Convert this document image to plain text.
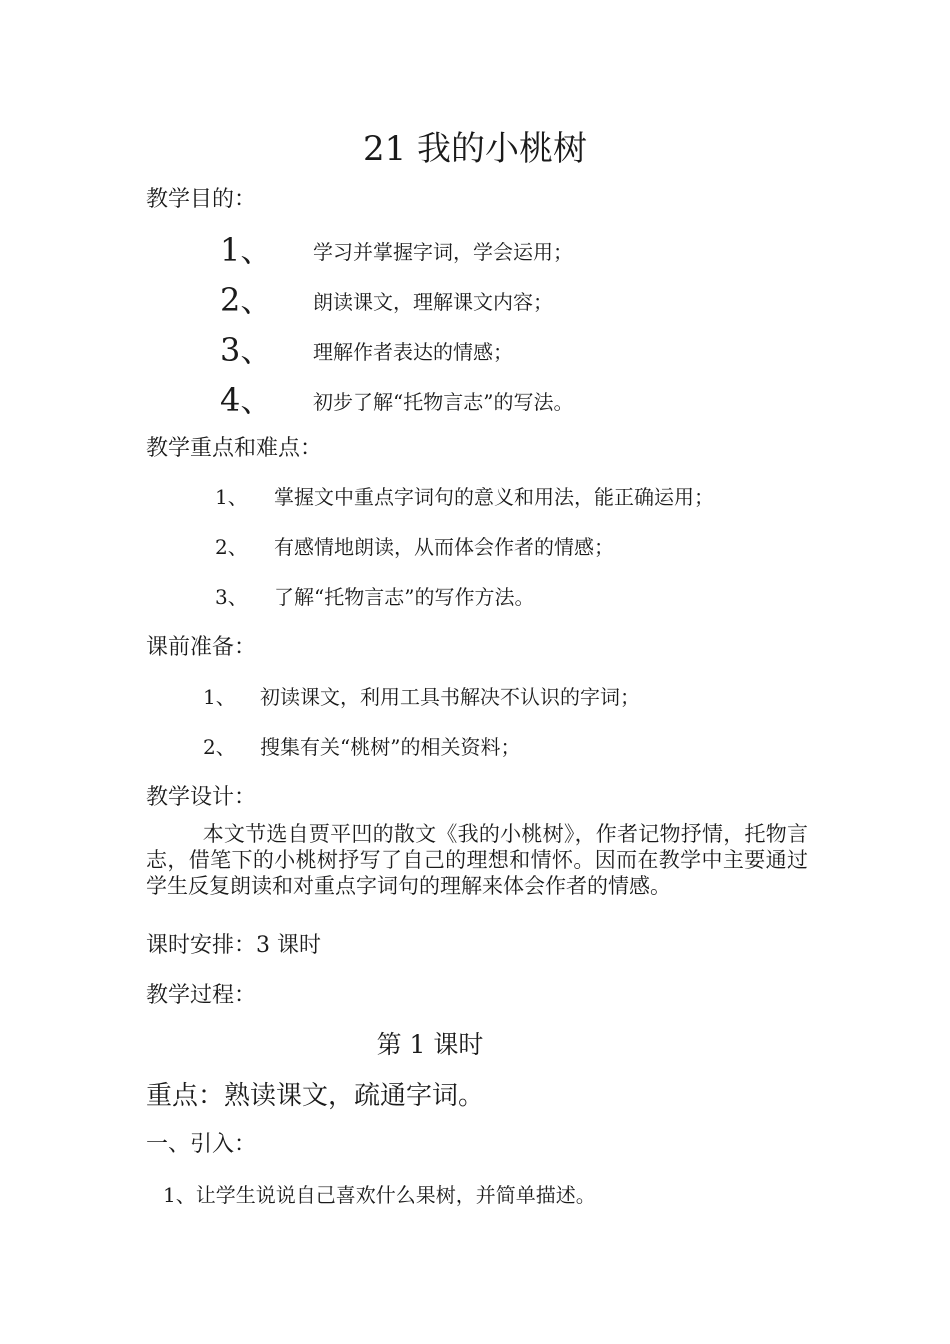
21 我的小桃树
教学目的：
1、 学习并掌握字词，学会运用；
2、 朗读课文，理解课文内容；
3、 理解作者表达的情感；
4、 初步了解“托物言志”的写法。
教学重点和难点：
1、 掌握文中重点字词句的意义和用法，能正确运用；
2、 有感情地朗读，从而体会作者的情感；
3、 了解“托物言志”的写作方法。
课前准备：
1、 初读课文，利用工具书解决不认识的字词；
2、 搜集有关“桃树”的相关资料；
教学设计：
本文节选自贾平凹的散文《我的小桃树》，作者记物抒情，托物言志，借笔下的小桃树抒写了自己的理想和情怀。因而在教学中主要通过学生反复朗读和对重点字词句的理解来体会作者的情感。
课时安排：3 课时
教学过程：
第 1 课时
重点：熟读课文，疏通字词。
一、引入：
1、让学生说说自己喜欢什么果树，并简单描述。
